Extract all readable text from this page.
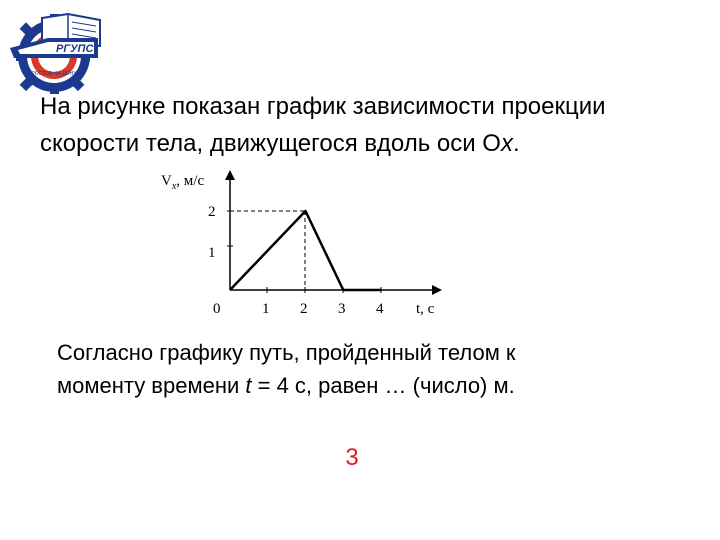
РГУПС
РОСТОВ-НА-ДОНУ

На рисунке показан график зависимости проекции
скорости тела, движущегося вдоль оси Оx.

$V_x$, м/с
2
1
0	1 2 3 4 t, с

Согласно графику путь, пройденный телом к
моменту времени t = 4 с, равен … (число) м.

3
